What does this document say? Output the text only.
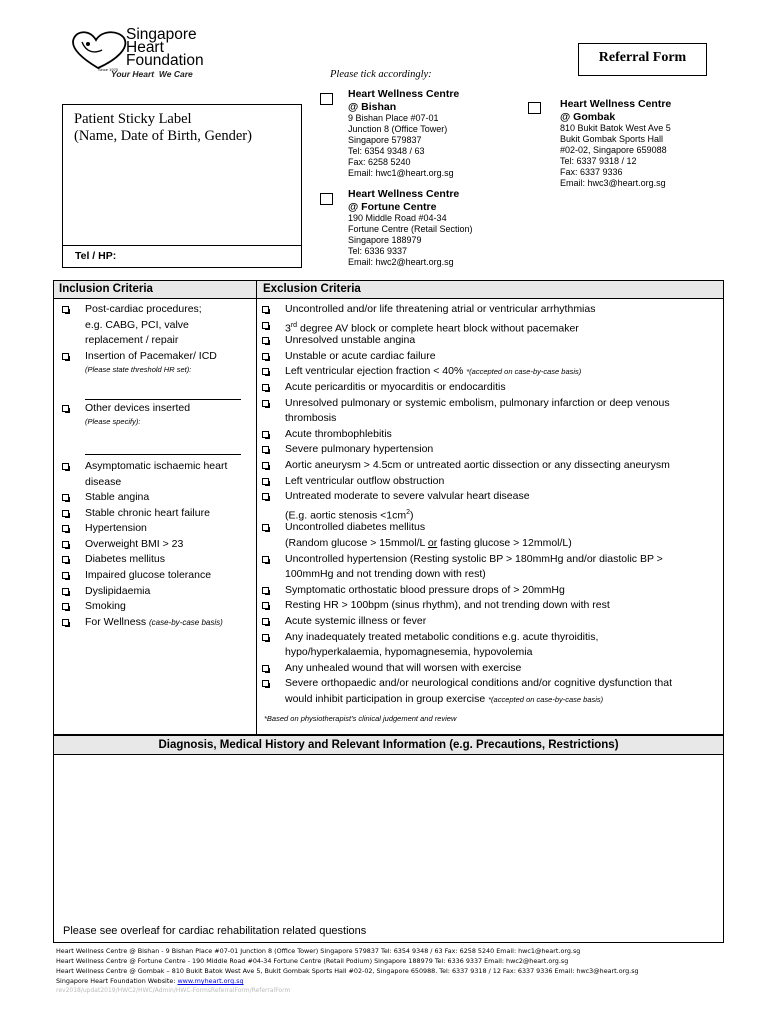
Singapore
Heart
Foundation
Since 1970
Your Heart We Care
Referral Form
Please tick accordingly:
Patient Sticky Label
(Name, Date of Birth, Gender)
Tel / HP:
Heart Wellness Centre
@ Bishan
9 Bishan Place #07-01
Junction 8 (Office Tower)
Singapore 579837
Tel: 6354 9348 / 63
Fax: 6258 5240
Email: hwc1@heart.org.sg
Heart Wellness Centre
@ Fortune Centre
190 Middle Road #04-34
Fortune Centre (Retail Section)
Singapore 188979
Tel: 6336 9337
Email: hwc2@heart.org.sg
Heart Wellness Centre
@ Gombak
810 Bukit Batok West Ave 5
Bukit Gombak Sports Hall
#02-02, Singapore 659088
Tel: 6337 9318 / 12
Fax: 6337 9336
Email: hwc3@heart.org.sg
Inclusion Criteria	Exclusion Criteria
Post-cardiac procedures;
e.g. CABG, PCI, valve
replacement / repair
Insertion of Pacemaker/ ICD
(Please state threshold HR set):
Other devices inserted
(Please specify):
Asymptomatic ischaemic heart
disease
Stable angina
Stable chronic heart failure
Hypertension
Overweight BMI > 23
Diabetes mellitus
Impaired glucose tolerance
Dyslipidaemia
Smoking
For Wellness (case-by-case basis)
Uncontrolled and/or life threatening atrial or ventricular arrhythmias
3rd degree AV block or complete heart block without pacemaker
Unresolved unstable angina
Unstable or acute cardiac failure
Left ventricular ejection fraction < 40% *(accepted on case-by-case basis)
Acute pericarditis or myocarditis or endocarditis
Unresolved pulmonary or systemic embolism, pulmonary infarction or deep venous
thrombosis
Acute thrombophlebitis
Severe pulmonary hypertension
Aortic aneurysm > 4.5cm or untreated aortic dissection or any dissecting aneurysm
Left ventricular outflow obstruction
Untreated moderate to severe valvular heart disease
(E.g. aortic stenosis $<1cm^2$)
Uncontrolled diabetes mellitus
(Random glucose > 15mmol/L or fasting glucose > 12mmol/L)
Uncontrolled hypertension (Resting systolic BP > 180mmHg and/or diastolic BP >
100mmHg and not trending down with rest)
Symptomatic orthostatic blood pressure drops of > 20mmHg
Resting HR > 100bpm (sinus rhythm), and not trending down with rest
Acute systemic illness or fever
Any inadequately treated metabolic conditions e.g. acute thyroiditis,
hypo/hyperkalaemia, hypomagnesemia, hypovolemia
Any unhealed wound that will worsen with exercise
Severe orthopaedic and/or neurological conditions and/or cognitive dysfunction that
would inhibit participation in group exercise *(accepted on case-by-case basis)
*Based on physiotherapist's clinical judgement and review
Diagnosis, Medical History and Relevant Information (e.g. Precautions, Restrictions)
Please see overleaf for cardiac rehabilitation related questions
Heart Wellness Centre @ Bishan - 9 Bishan Place #07-01 Junction 8 (Office Tower) Singapore 579837 Tel: 6354 9348 / 63 Fax: 6258 5240 Email: hwc1@heart.org.sg
Heart Wellness Centre @ Fortune Centre - 190 Middle Road #04-34 Fortune Centre (Retail Podium) Singapore 188979 Tel: 6336 9337 Email: hwc2@heart.org.sg
Heart Wellness Centre @ Gombak – 810 Bukit Batok West Ave 5, Bukit Gombak Sports Hall #02-02, Singapore 650988. Tel: 6337 9318 / 12 Fax: 6337 9336 Email: hwc3@heart.org.sg
Singapore Heart Foundation Website: www.myheart.org.sg
rev2018/updat2019/HWC2/HWC/Admin/HWC-FormsReferralForm/ReferralForm
